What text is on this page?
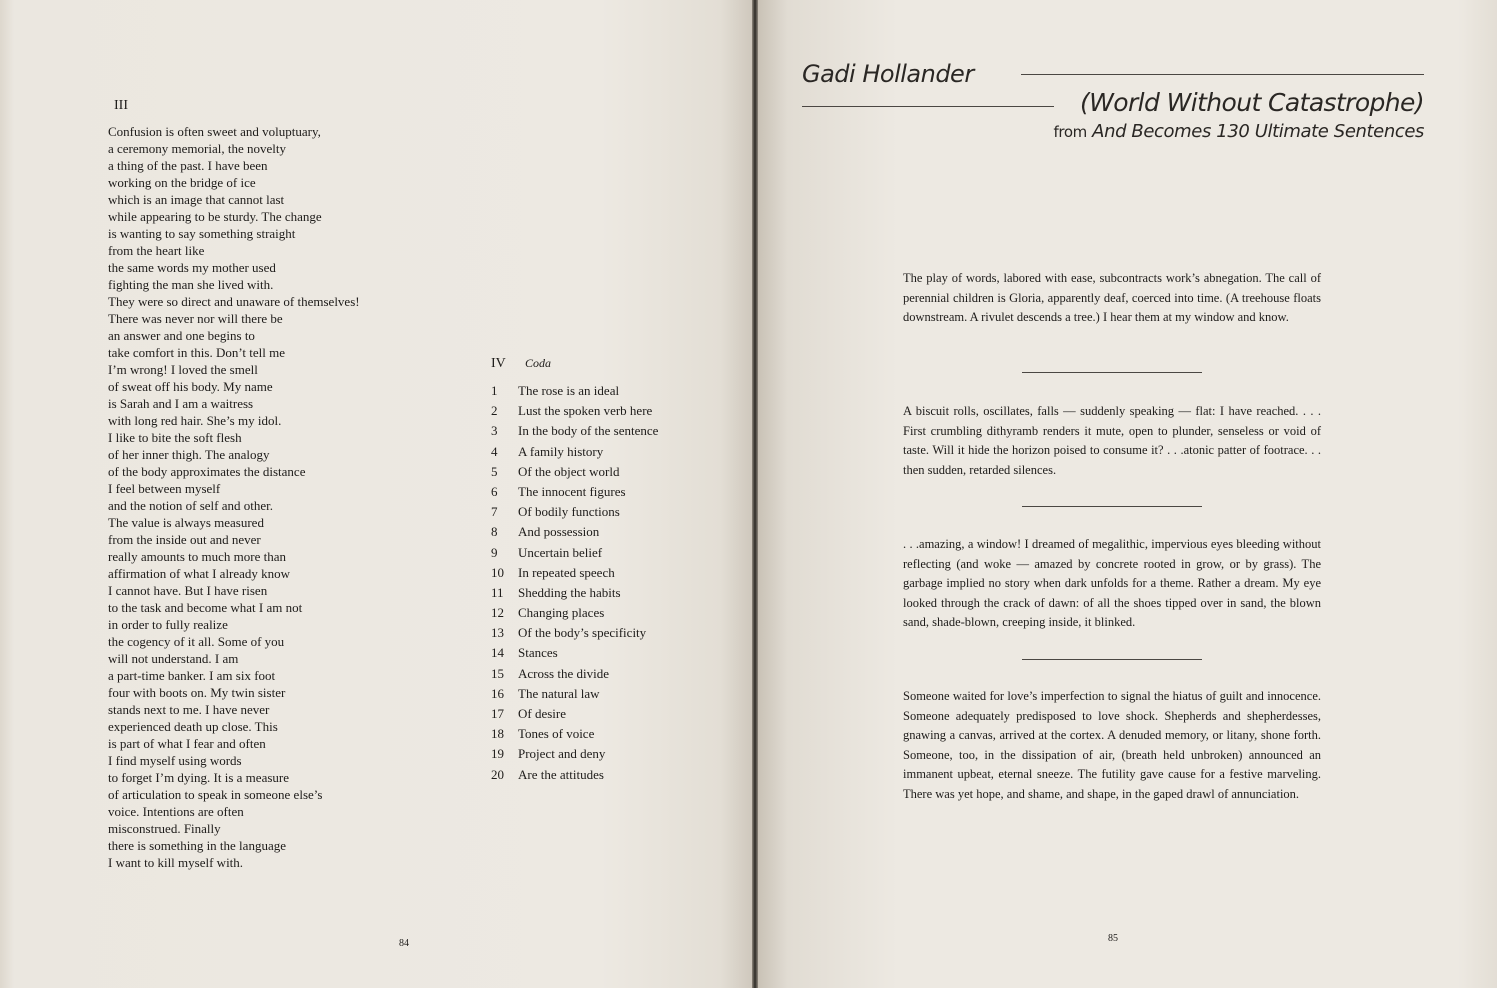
III
Confusion is often sweet and voluptuary,
a ceremony memorial, the novelty
a thing of the past. I have been
working on the bridge of ice
which is an image that cannot last
while appearing to be sturdy. The change
is wanting to say something straight
from the heart like
the same words my mother used
fighting the man she lived with.
They were so direct and unaware of themselves!
There was never nor will there be
an answer and one begins to
take comfort in this. Don’t tell me
I’m wrong! I loved the smell
of sweat off his body. My name
is Sarah and I am a waitress
with long red hair. She’s my idol.
I like to bite the soft flesh
of her inner thigh. The analogy
of the body approximates the distance
I feel between myself
and the notion of self and other.
The value is always measured
from the inside out and never
really amounts to much more than
affirmation of what I already know
I cannot have. But I have risen
to the task and become what I am not
in order to fully realize
the cogency of it all. Some of you
will not understand. I am
a part-time banker. I am six foot
four with boots on. My twin sister
stands next to me. I have never
experienced death up close. This
is part of what I fear and often
I find myself using words
to forget I’m dying. It is a measure
of articulation to speak in someone else’s
voice. Intentions are often
misconstrued. Finally
there is something in the language
I want to kill myself with.
IV Coda
1 The rose is an ideal
2 Lust the spoken verb here
3 In the body of the sentence
4 A family history
5 Of the object world
6 The innocent figures
7 Of bodily functions
8 And possession
9 Uncertain belief
10 In repeated speech
11 Shedding the habits
12 Changing places
13 Of the body’s specificity
14 Stances
15 Across the divide
16 The natural law
17 Of desire
18 Tones of voice
19 Project and deny
20 Are the attitudes
84
Gadi Hollander
(World Without Catastrophe)
from And Becomes 130 Ultimate Sentences

The play of words, labored with ease, subcontracts work’s abnegation. The call of perennial children is Gloria, apparently deaf, coerced into time. (A treehouse floats downstream. A rivulet descends a tree.) I hear them at my window and know.

A biscuit rolls, oscillates, falls — suddenly speaking — flat: I have reached. . . . First crumbling dithyramb renders it mute, open to plunder, senseless or void of taste. Will it hide the horizon poised to consume it? . . .atonic patter of footrace. . . then sudden, retarded silences.

. . .amazing, a window! I dreamed of megalithic, impervious eyes bleeding without reflecting (and woke — amazed by concrete rooted in grow, or by grass). The garbage implied no story when dark unfolds for a theme. Rather a dream. My eye looked through the crack of dawn: of all the shoes tipped over in sand, the blown sand, shade-blown, creeping inside, it blinked.

Someone waited for love’s imperfection to signal the hiatus of guilt and innocence. Someone adequately predisposed to love shock. Shepherds and shepherdesses, gnawing a canvas, arrived at the cortex. A denuded memory, or litany, shone forth. Someone, too, in the dissipation of air, (breath held unbroken) announced an immanent upbeat, eternal sneeze. The futility gave cause for a festive marveling. There was yet hope, and shame, and shape, in the gaped drawl of annunciation.

85
